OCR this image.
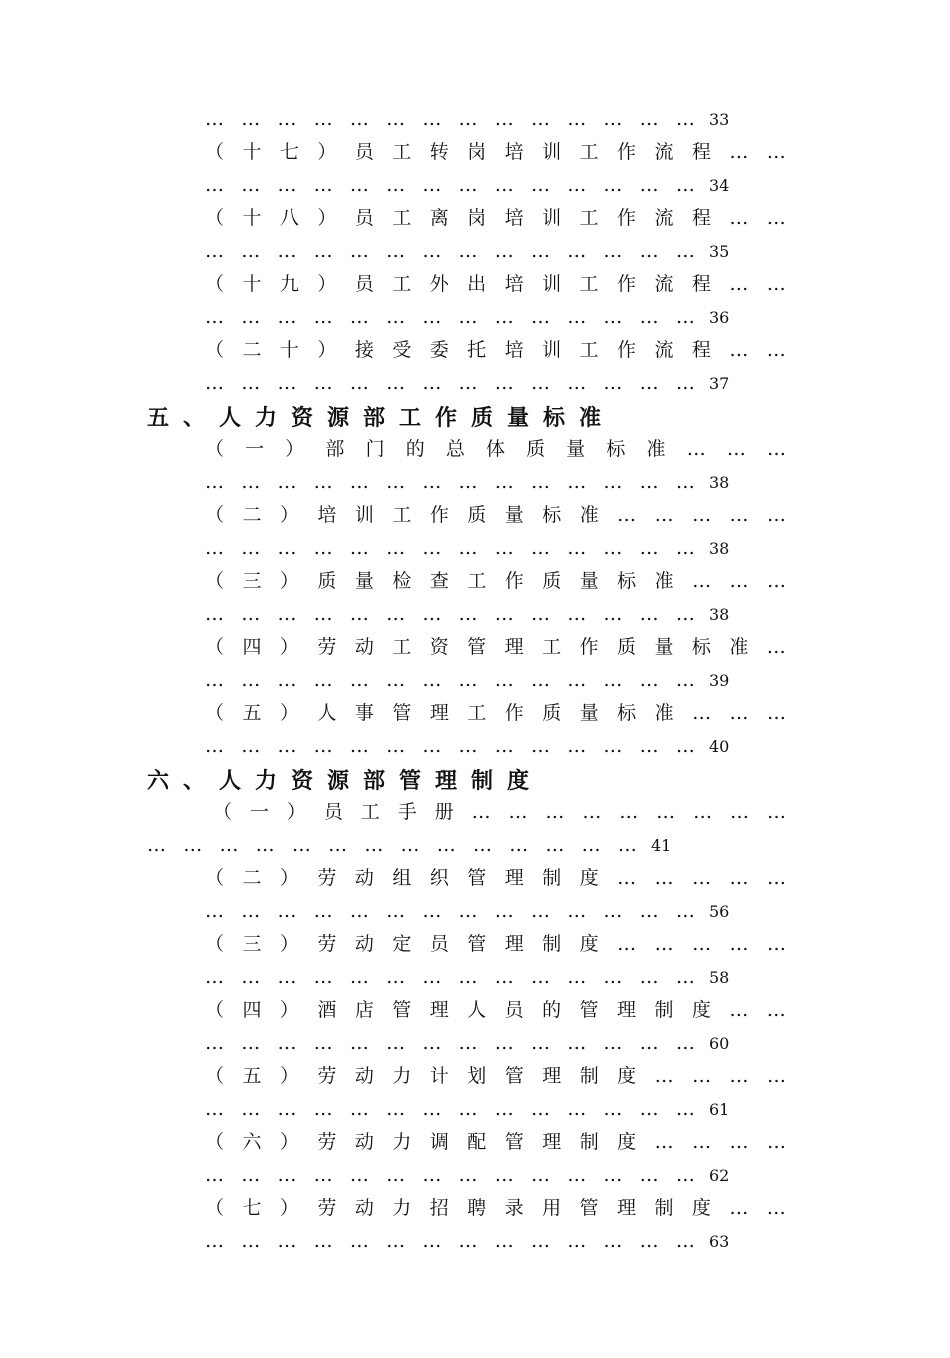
… … … … … … … … … … … … … … 33
（ 十 七 ） 员 工 转 岗 培 训 工 作 流 程 … …
… … … … … … … … … … … … … … 34
（ 十 八 ） 员 工 离 岗 培 训 工 作 流 程 … …
… … … … … … … … … … … … … … 35
（ 十 九 ） 员 工 外 出 培 训 工 作 流 程 … …
… … … … … … … … … … … … … … 36
（ 二 十 ） 接 受 委 托 培 训 工 作 流 程 … …
… … … … … … … … … … … … … … 37
五、人力资源部工作质量标准
（ 一 ） 部 门 的 总 体 质 量 标 准 … … …
… … … … … … … … … … … … … … 38
（ 二 ） 培 训 工 作 质 量 标 准 … … … … …
… … … … … … … … … … … … … … 38
（ 三 ） 质 量 检 查 工 作 质 量 标 准 … … …
… … … … … … … … … … … … … … 38
（ 四 ） 劳 动 工 资 管 理 工 作 质 量 标 准 …
… … … … … … … … … … … … … … 39
（ 五 ） 人 事 管 理 工 作 质 量 标 准 … … …
… … … … … … … … … … … … … … 40
六、人力资源部管理制度
（ 一 ） 员 工 手 册 … … … … … … … … …
… … … … … … … … … … … … … … 41
（ 二 ） 劳 动 组 织 管 理 制 度 … … … … …
… … … … … … … … … … … … … … 56
（ 三 ） 劳 动 定 员 管 理 制 度 … … … … …
… … … … … … … … … … … … … … 58
（ 四 ） 酒 店 管 理 人 员 的 管 理 制 度 … …
… … … … … … … … … … … … … … 60
（ 五 ） 劳 动 力 计 划 管 理 制 度 … … … …
… … … … … … … … … … … … … … 61
（ 六 ） 劳 动 力 调 配 管 理 制 度 … … … …
… … … … … … … … … … … … … … 62
（ 七 ） 劳 动 力 招 聘 录 用 管 理 制 度 … …
… … … … … … … … … … … … … … 63
